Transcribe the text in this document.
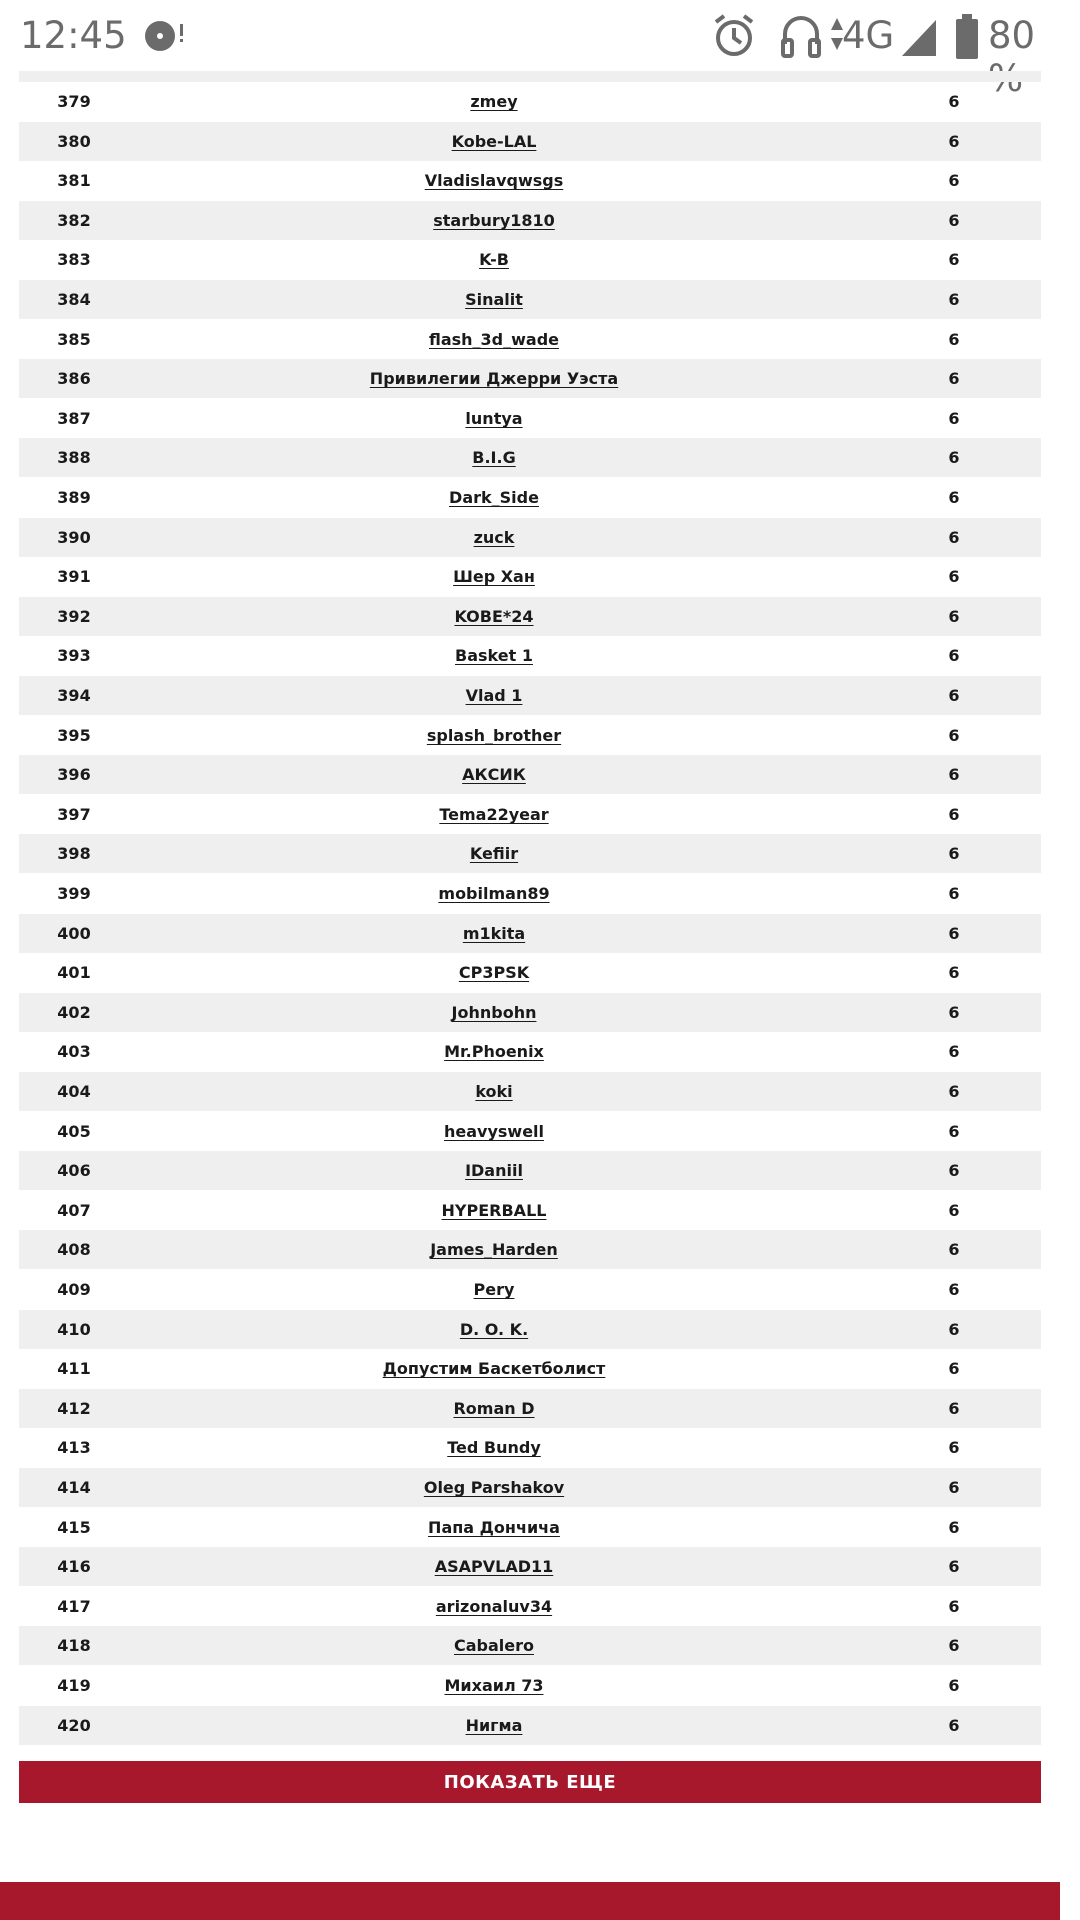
12:45	4G	80
379	zmey	6
380	Kobe-LAL	6
381	Vladislavqwsgs	6
382	starbury1810	6
383	K-B	6
384	Sinalit	6
385	flash_3d_wade	6
386	Привилегии Джерри Уэста	6
387	luntya	6
388	B.I.G	6
389	Dark_Side	6
390	zuck	6
391	Шер Хан	6
392	KOBE*24	6
393	Basket 1	6
394	Vlad 1	6
395	splash_brother	6
396	АКСИК	6
397	Tema22year	6
398	Kefiir	6
399	mobilman89	6
400	m1kita	6
401	CP3PSK	6
402	Johnbohn	6
403	Mr.Phoenix	6
404	koki	6
405	heavyswell	6
406	IDaniil	6
407	HYPERBALL	6
408	James_Harden	6
409	Pery	6
410	D. O. K.	6
411	Допустим Баскетболист	6
412	Roman D	6
413	Ted Bundy	6
414	Oleg Parshakov	6
415	Папа Дончича	6
416	ASAPVLAD11	6
417	arizonaluv34	6
418	Cabalero	6
419	Михаил 73	6
420	Нигма	6
ПОКАЗАТЬ ЕЩЕ
